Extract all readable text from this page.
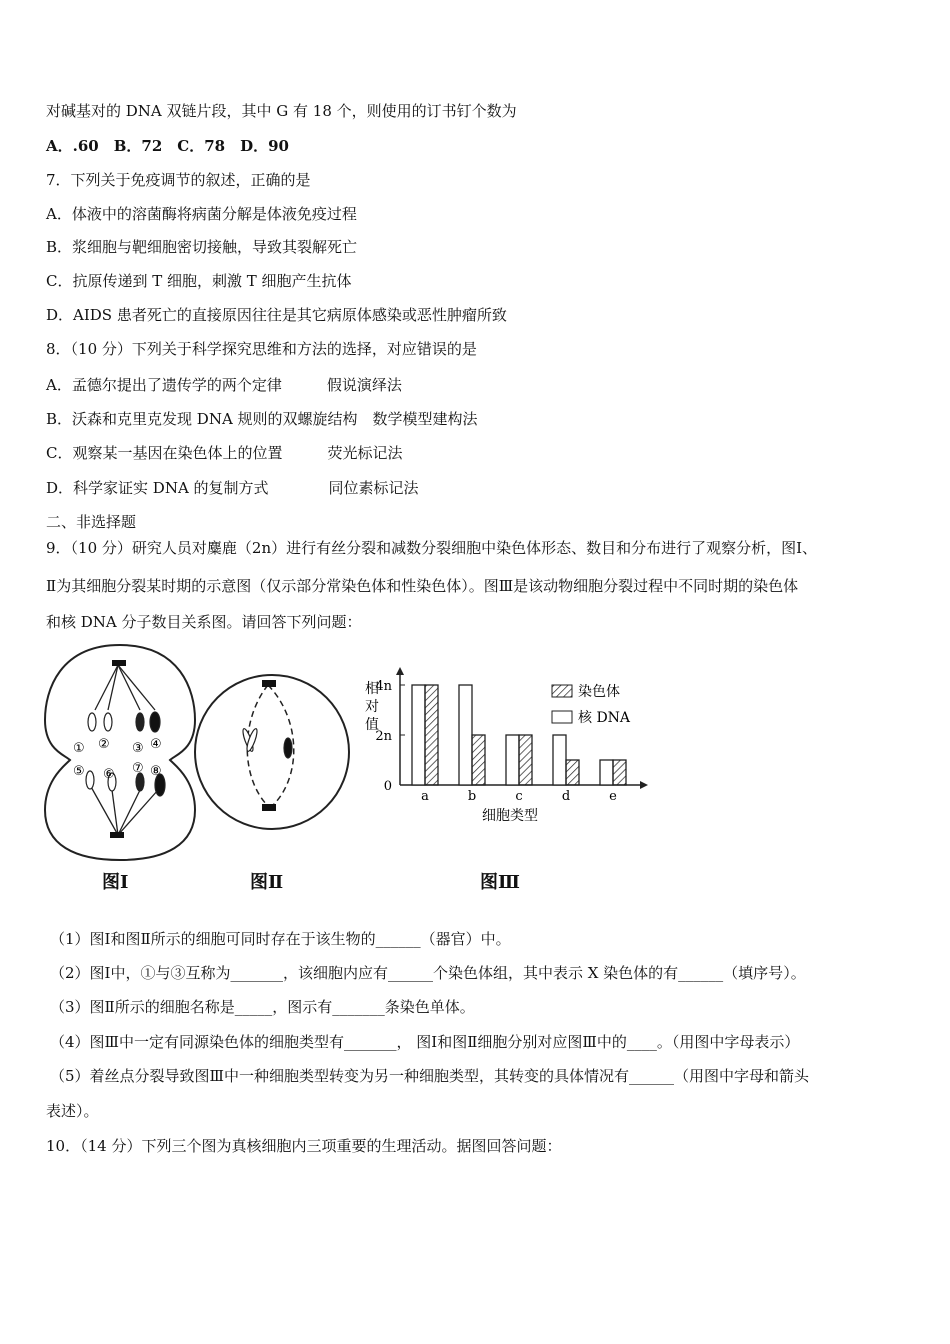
对碱基对的 DNA 双链片段，其中 G 有 18 个，则使用的订书钉个数为
A．.60　B．72　C．78　D．90
7．下列关于免疫调节的叙述，正确的是
A．体液中的溶菌酶将病菌分解是体液免疫过程
B．浆细胞与靶细胞密切接触，导致其裂解死亡
C．抗原传递到 T 细胞，刺激 T 细胞产生抗体
D．AIDS 患者死亡的直接原因往往是其它病原体感染或恶性肿瘤所致
8．（10 分）下列关于科学探究思维和方法的选择，对应错误的是
A．孟德尔提出了遗传学的两个定律　　　假说演绎法
B．沃森和克里克发现 DNA 规则的双螺旋结构　数学模型建构法
C．观察某一基因在染色体上的位置　　　荧光标记法
D．科学家证实 DNA 的复制方式　　　　同位素标记法
二、非选择题
9．（10 分）研究人员对麋鹿（2n）进行有丝分裂和减数分裂细胞中染色体形态、数目和分布进行了观察分析，图Ⅰ、
Ⅱ为其细胞分裂某时期的示意图（仅示部分常染色体和性染色体）。图Ⅲ是该动物细胞分裂过程中不同时期的染色体
和核 DNA 分子数目关系图。请回答下列问题：
① ② ③ ④
⑤ ⑥ ⑦ ⑧
4n
2n
0
相
对
值
a	b	c	d	e
细胞类型
染色体
核 DNA
图Ⅰ	图Ⅱ	图Ⅲ
（1）图Ⅰ和图Ⅱ所示的细胞可同时存在于该生物的______（器官）中。
（2）图Ⅰ中，①与③互称为_______，该细胞内应有______个染色体组，其中表示 X 染色体的有______（填序号）。
（3）图Ⅱ所示的细胞名称是_____，图示有_______条染色单体。
（4）图Ⅲ中一定有同源染色体的细胞类型有_______， 图Ⅰ和图Ⅱ细胞分别对应图Ⅲ中的____。（用图中字母表示）
（5）着丝点分裂导致图Ⅲ中一种细胞类型转变为另一种细胞类型，其转变的具体情况有______（用图中字母和箭头
表述）。
10．（14 分）下列三个图为真核细胞内三项重要的生理活动。据图回答问题：
